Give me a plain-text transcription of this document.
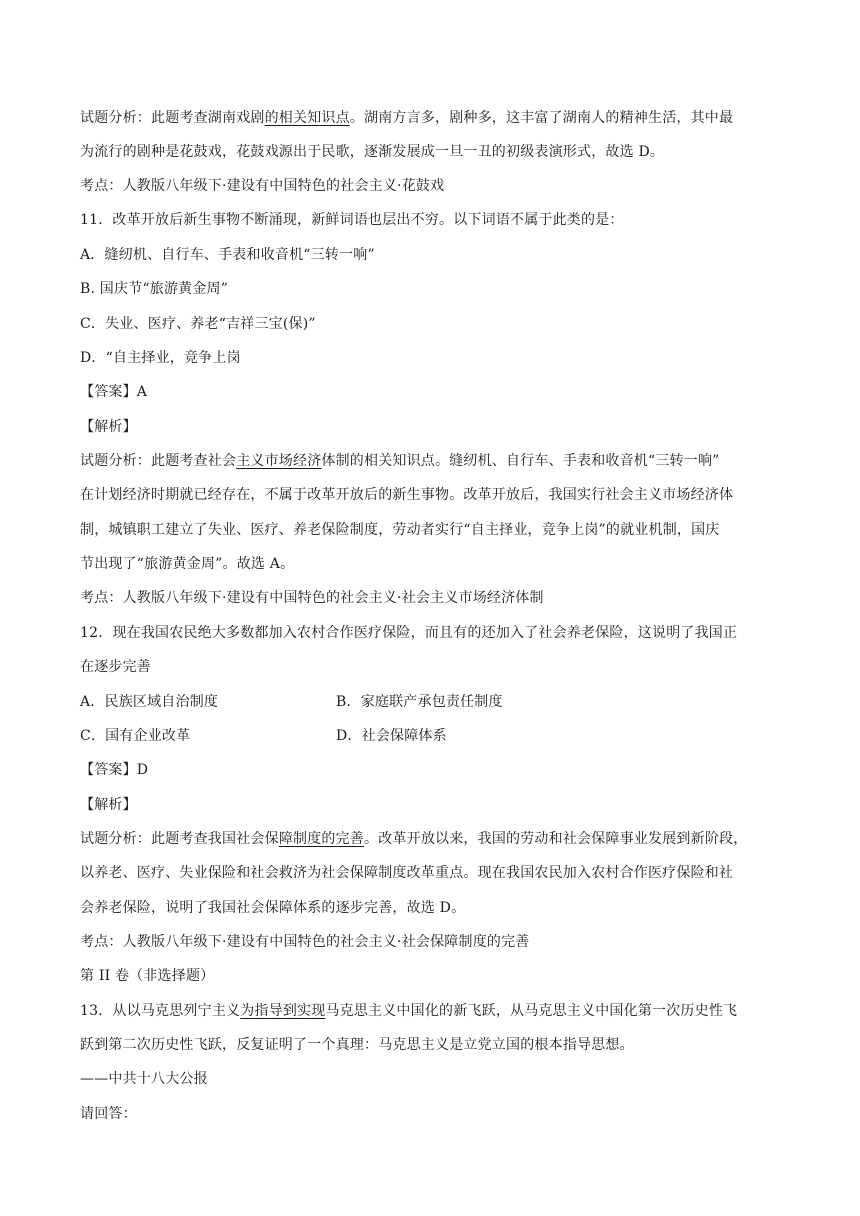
试题分析：此题考查湖南戏剧的相关知识点。湖南方言多，剧种多，这丰富了湖南人的精神生活，其中最
为流行的剧种是花鼓戏，花鼓戏源出于民歌，逐渐发展成一旦一丑的初级表演形式，故选 D。
考点：人教版八年级下·建设有中国特色的社会主义·花鼓戏
11．改革开放后新生事物不断涌现，新鲜词语也层出不穷。以下词语不属于此类的是：
A．缝纫机、自行车、手表和收音机“三转一响”
B. 国庆节“旅游黄金周”
C．失业、医疗、养老“吉祥三宝(保)”
D．“自主择业，竞争上岗
【答案】A
【解析】
试题分析：此题考查社会主义市场经济体制的相关知识点。缝纫机、自行车、手表和收音机“三转一响”
在计划经济时期就已经存在，不属于改革开放后的新生事物。改革开放后，我国实行社会主义市场经济体
制，城镇职工建立了失业、医疗、养老保险制度，劳动者实行“自主择业，竞争上岗”的就业机制，国庆
节出现了“旅游黄金周”。故选 A。
考点：人教版八年级下·建设有中国特色的社会主义·社会主义市场经济体制
12．现在我国农民绝大多数都加入农村合作医疗保险，而且有的还加入了社会养老保险，这说明了我国正
在逐步完善
A．民族区域自治制度	B．家庭联产承包责任制度
C．国有企业改革	D．社会保障体系
【答案】D
【解析】
试题分析：此题考查我国社会保障制度的完善。改革开放以来，我国的劳动和社会保障事业发展到新阶段，
以养老、医疗、失业保险和社会救济为社会保障制度改革重点。现在我国农民加入农村合作医疗保险和社
会养老保险，说明了我国社会保障体系的逐步完善，故选 D。
考点：人教版八年级下·建设有中国特色的社会主义·社会保障制度的完善
第 II 卷（非选择题）
13．从以马克思列宁主义为指导到实现马克思主义中国化的新飞跃，从马克思主义中国化第一次历史性飞
跃到第二次历史性飞跃，反复证明了一个真理：马克思主义是立党立国的根本指导思想。
——中共十八大公报
请回答：
